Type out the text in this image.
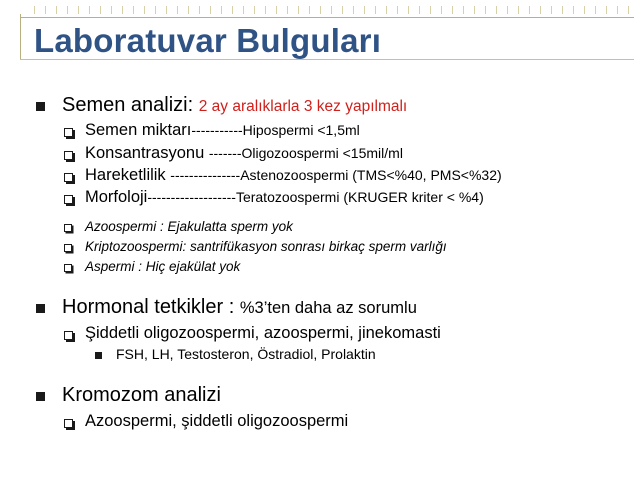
Laboratuvar Bulguları
Semen analizi: 2 ay aralıklarla 3 kez yapılmalı
Semen miktarı-----------Hipospermi <1,5ml
Konsantrasyonu -------Oligozoospermi <15mil/ml
Hareketlilik ---------------Astenozoospermi (TMS<%40, PMS<%32)
Morfoloji-------------------Teratozoospermi (KRUGER kriter < %4)
Azoospermi : Ejakulatta sperm yok
Kriptozoospermi: santrifükasyon sonrası birkaç sperm varlığı
Aspermi : Hiç ejakülat yok
Hormonal tetkikler : %3’ten daha az sorumlu
Şiddetli oligozoospermi, azoospermi, jinekomasti
FSH, LH, Testosteron, Östradiol, Prolaktin
Kromozom analizi
Azoospermi, şiddetli oligozoospermi
